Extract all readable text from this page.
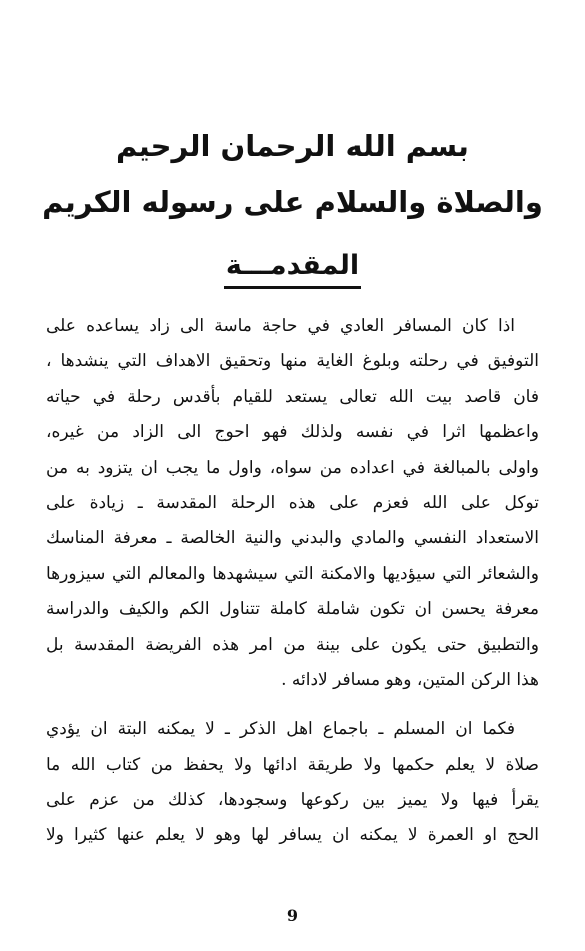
بسم الله الرحمان الرحيم
والصلاة والسلام على رسوله الكريم
المقدمـــة
اذا كان المسافر العادي في حاجة ماسة الى زاد يساعده على
التوفيق في رحلته وبلوغ الغاية منها وتحقيق الاهداف التي ينشدها ،
فان قاصد بيت الله تعالى يستعد للقيام بأقدس رحلة في حياته
واعظمها اثرا في نفسه ولذلك فهو احوج الى الزاد من غيره،
واولى بالمبالغة في اعداده من سواه، واول ما يجب ان يتزود به من
توكل على الله فعزم على هذه الرحلة المقدسة ـ زيادة على
الاستعداد النفسي والمادي والبدني والنية الخالصة ـ معرفة المناسك
والشعائر التي سيؤديها والامكنة التي سيشهدها والمعالم التي سيزورها
معرفة يحسن ان تكون شاملة كاملة تتناول الكم والكيف والدراسة
والتطبيق حتى يكون على بينة من امر هذه الفريضة المقدسة بل
هذا الركن المتين، وهو مسافر لادائه .
فكما ان المسلم ـ باجماع اهل الذكر ـ لا يمكنه البتة ان يؤدي
صلاة لا يعلم حكمها ولا طريقة ادائها ولا يحفظ من كتاب الله ما
يقرأ فيها ولا يميز بين ركوعها وسجودها، كذلك من عزم على
الحج او العمرة لا يمكنه ان يسافر لها وهو لا يعلم عنها كثيرا ولا
9
